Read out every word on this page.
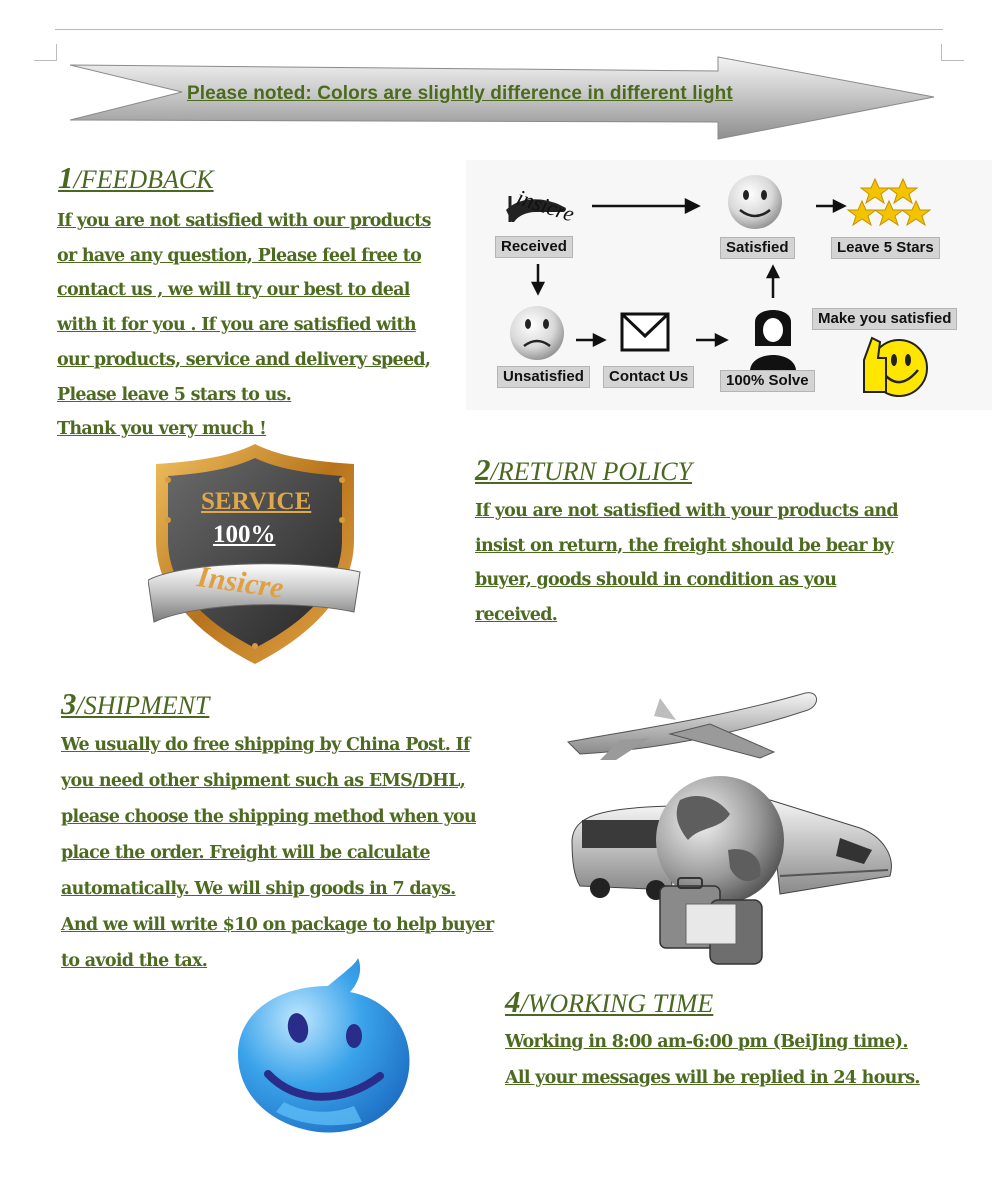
Please noted: Colors are slightly difference in different light
1/FEEDBACK
If you are not satisfied with our products
or have any question, Please feel free to
contact us , we will try our best to deal
with it for you . If you are satisfied with
our products, service and delivery speed,
Please leave 5 stars to us.
Thank you very much !
insicre
Received	Satisfied	Leave 5 Stars
Make you satisfied
Unsatisfied	Contact Us	100% Solve
SERVICE
100%
Insicre
2/RETURN POLICY
If you are not satisfied with your products and
insist on return, the freight should be bear by
buyer, goods should in condition as you
received.
3/SHIPMENT
We usually do free shipping by China Post. If
you need other shipment such as EMS/DHL,
please choose the shipping method when you
place the order. Freight will be calculate
automatically. We will ship goods in 7 days.
And we will write $10 on package to help buyer
to avoid the tax.
4/WORKING TIME
Working in 8:00 am-6:00 pm (BeiJing time).
All your messages will be replied in 24 hours.
